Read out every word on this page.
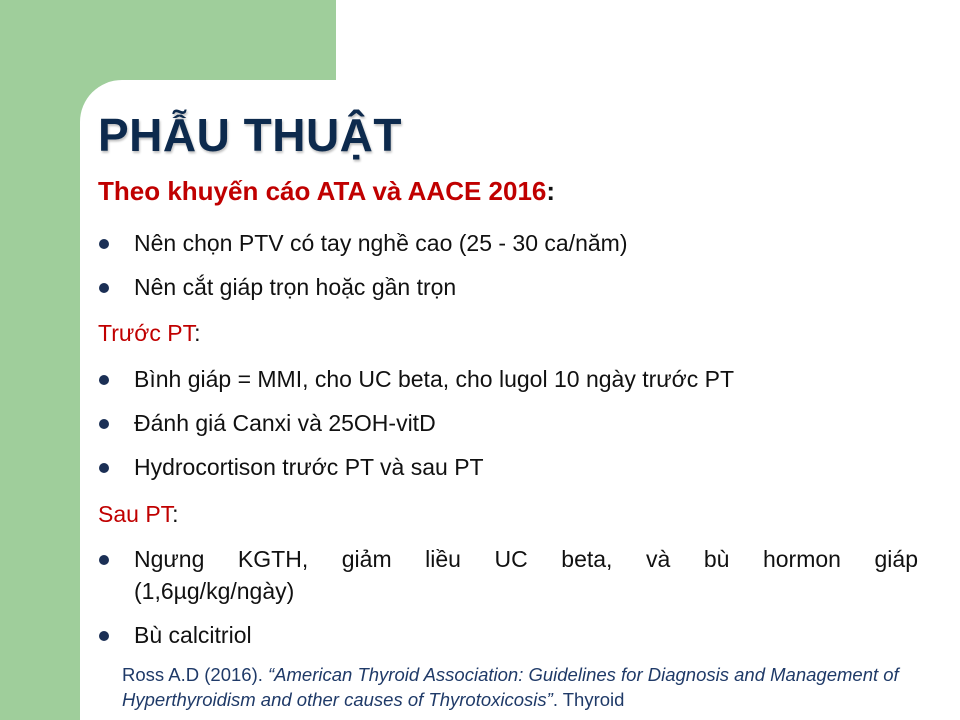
PHẪU THUẬT

Theo khuyến cáo ATA và AACE 2016:

Nên chọn PTV có tay nghề cao (25 - 30 ca/năm)
Nên cắt giáp trọn hoặc gần trọn
Trước PT:
Bình giáp = MMI, cho UC beta, cho lugol 10 ngày trước PT
Đánh giá Canxi và 25OH-vitD
Hydrocortison trước PT và sau PT
Sau PT:
Ngưng KGTH, giảm liều UC beta, và bù hormon giáp
(1,6µg/kg/ngày)
Bù calcitriol
Ross A.D (2016). “American Thyroid Association: Guidelines for Diagnosis and Management of Hyperthyroidism and other causes of Thyrotoxicosis”. Thyroid
